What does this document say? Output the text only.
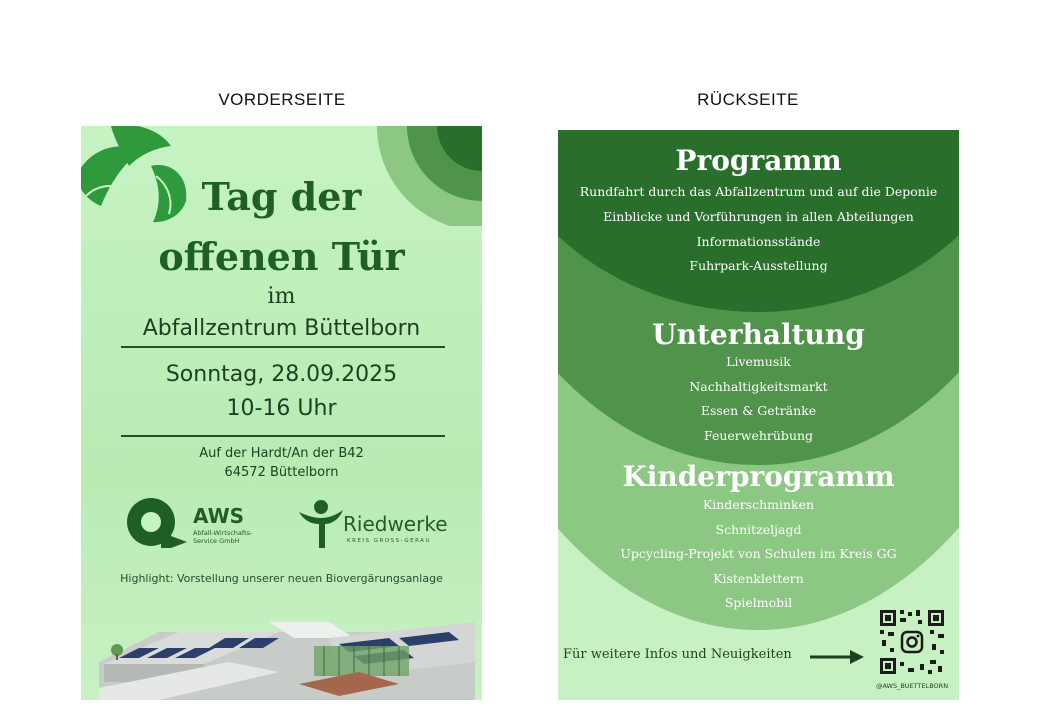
VORDERSEITE	RÜCKSEITE
Tag der
offenen Tür
im
Abfallzentrum Büttelborn
Sonntag, 28.09.2025
10-16 Uhr
Auf der Hardt/An der B42
64572 Büttelborn
AWS
Abfall-Wirtschafts-
Service GmbH
Riedwerke
KREIS GROSS-GERAU
Highlight: Vorstellung unserer neuen Biovergärungsanlage
Programm
Rundfahrt durch das Abfallzentrum und auf die Deponie
Einblicke und Vorführungen in allen Abteilungen
Informationsstände
Fuhrpark-Ausstellung
Unterhaltung
Livemusik
Nachhaltigkeitsmarkt
Essen & Getränke
Feuerwehrübung
Kinderprogramm
Kinderschminken
Schnitzeljagd
Upcycling-Projekt von Schulen im Kreis GG
Kistenklettern
Spielmobil
Für weitere Infos und Neuigkeiten
@AWS_BUETTELBORN
